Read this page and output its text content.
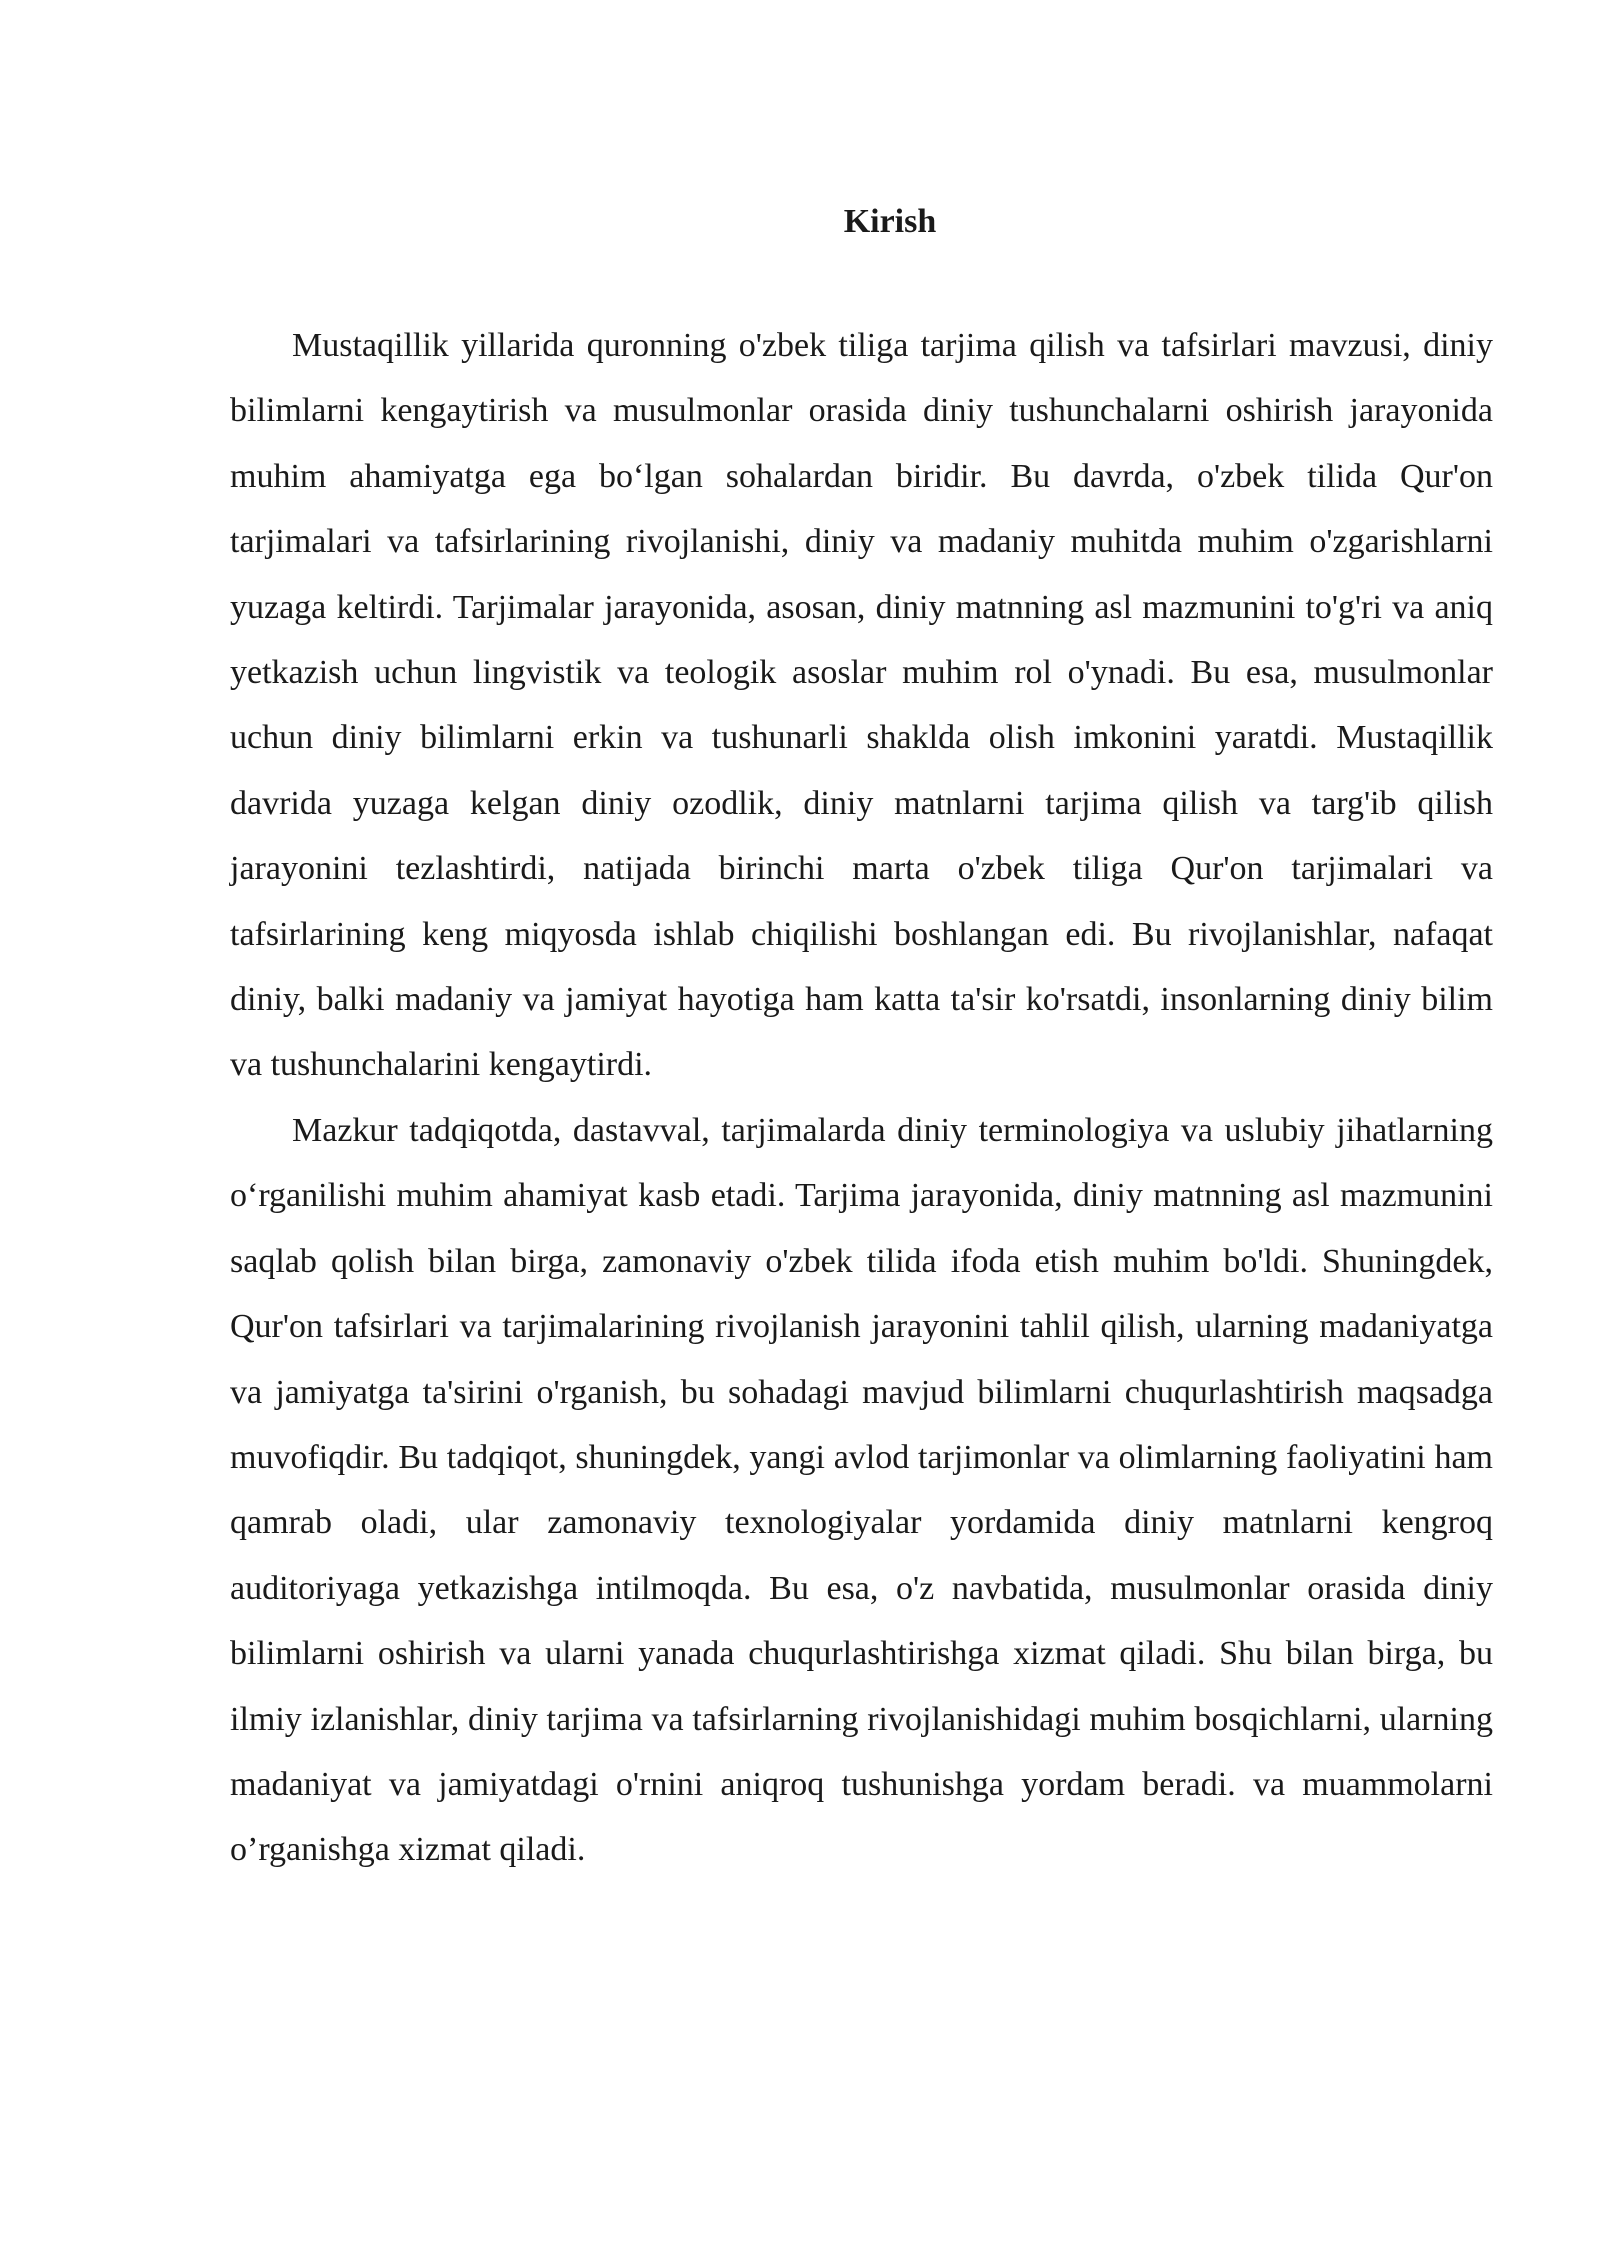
Kirish

Mustaqillik yillarida quronning o'zbek tiliga tarjima qilish va tafsirlari mavzusi, diniy bilimlarni kengaytirish va musulmonlar orasida diniy tushunchalarni oshirish jarayonida muhim ahamiyatga ega bo‘lgan sohalardan biridir. Bu davrda, o'zbek tilida Qur'on tarjimalari va tafsirlarining rivojlanishi, diniy va madaniy muhitda muhim o'zgarishlarni yuzaga keltirdi. Tarjimalar jarayonida, asosan, diniy matnning asl mazmunini to'g'ri va aniq yetkazish uchun lingvistik va teologik asoslar muhim rol o'ynadi. Bu esa, musulmonlar uchun diniy bilimlarni erkin va tushunarli shaklda olish imkonini yaratdi. Mustaqillik davrida yuzaga kelgan diniy ozodlik, diniy matnlarni tarjima qilish va targ'ib qilish jarayonini tezlashtirdi, natijada birinchi marta o'zbek tiliga Qur'on tarjimalari va tafsirlarining keng miqyosda ishlab chiqilishi boshlangan edi. Bu rivojlanishlar, nafaqat diniy, balki madaniy va jamiyat hayotiga ham katta ta'sir ko'rsatdi, insonlarning diniy bilim va tushunchalarini kengaytirdi.

Mazkur tadqiqotda, dastavval, tarjimalarda diniy terminologiya va uslubiy jihatlarning o‘rganilishi muhim ahamiyat kasb etadi. Tarjima jarayonida, diniy matnning asl mazmunini saqlab qolish bilan birga, zamonaviy o'zbek tilida ifoda etish muhim bo'ldi. Shuningdek, Qur'on tafsirlari va tarjimalarining rivojlanish jarayonini tahlil qilish, ularning madaniyatga va jamiyatga ta'sirini o'rganish, bu sohadagi mavjud bilimlarni chuqurlashtirish maqsadga muvofiqdir. Bu tadqiqot, shuningdek, yangi avlod tarjimonlar va olimlarning faoliyatini ham qamrab oladi, ular zamonaviy texnologiyalar yordamida diniy matnlarni kengroq auditoriyaga yetkazishga intilmoqda. Bu esa, o'z navbatida, musulmonlar orasida diniy bilimlarni oshirish va ularni yanada chuqurlashtirishga xizmat qiladi. Shu bilan birga, bu ilmiy izlanishlar, diniy tarjima va tafsirlarning rivojlanishidagi muhim bosqichlarni, ularning madaniyat va jamiyatdagi o'rnini aniqroq tushunishga yordam beradi. va muammolarni o’rganishga xizmat qiladi.
